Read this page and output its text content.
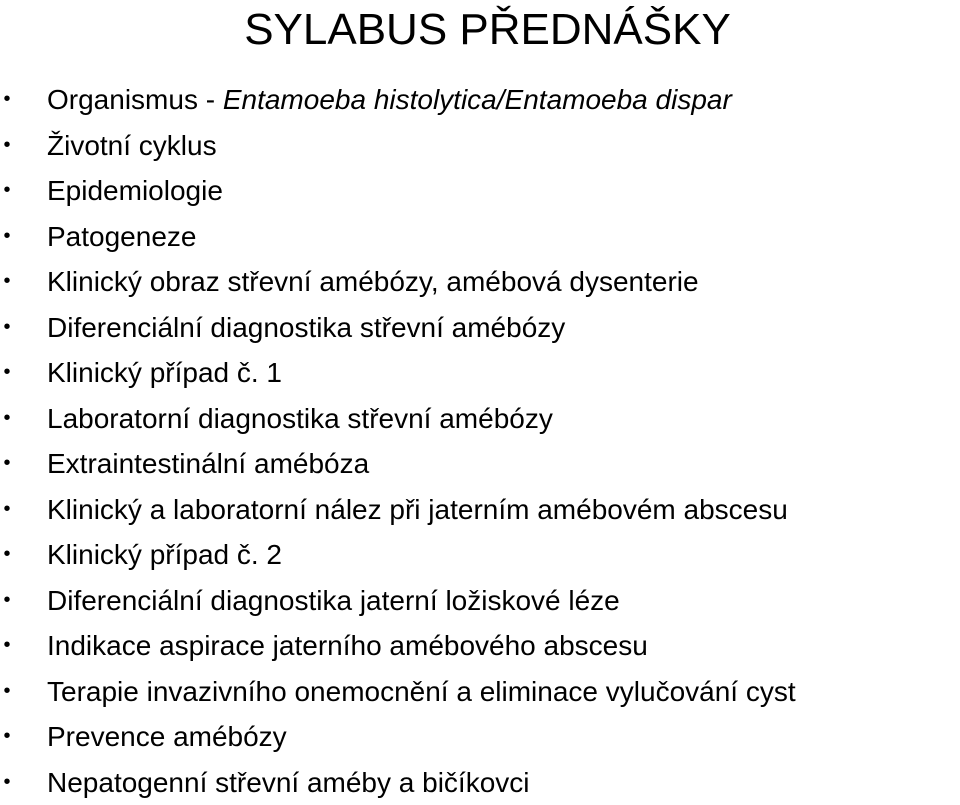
SYLABUS PŘEDNÁŠKY
• Organismus - Entamoeba histolytica/Entamoeba dispar
• Životní cyklus
• Epidemiologie
• Patogeneze
• Klinický obraz střevní amébózy, amébová dysenterie
• Diferenciální diagnostika střevní amébózy
• Klinický případ č. 1
• Laboratorní diagnostika střevní amébózy
• Extraintestinální amébóza
• Klinický a laboratorní nález při jaterním amébovém abscesu
• Klinický případ č. 2
• Diferenciální diagnostika jaterní ložiskové léze
• Indikace aspirace jaterního amébového abscesu
• Terapie invazivního onemocnění a eliminace vylučování cyst
• Prevence amébózy
• Nepatogenní střevní améby a bičíkovci
